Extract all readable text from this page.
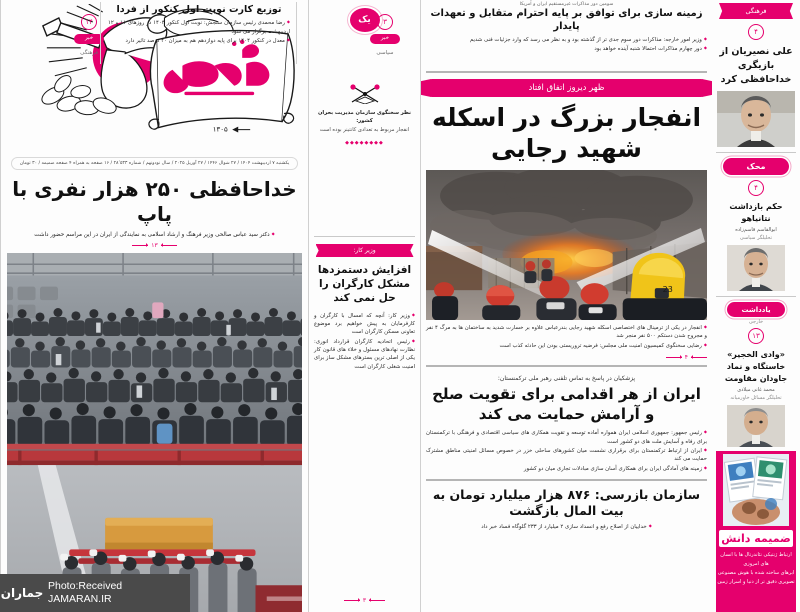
۱۳۰۵
یکشنبه ۷ اردیبهشت ۱۴۰۴ / ۲۷ شوال ۱۴۴۶ / ۲۷ آوریل ۲۰۲۵ / سال نودونهم / شماره ۲۸٬۵۳۳ / ۱۶ صفحه به همراه ۴ صفحه ضمیمه / ۳۰ تومان
خداحافظی ۲۵۰ هزار نفری با پاپ
◆ دکتر سید عباس صالحی وزیر فرهنگ و ارشاد اسلامی به نمایندگی از ایران در این مراسم حضور داشت
۱۳
یک
نظر سخنگوی سازمان مدیریت بحران کشور:
انفجار مربوط به تعدادی کانتینر بوده است
◆◆◆◆◆◆◆◆
وزیر کار:
افزایش دستمزدها مشکل کارگران را حل نمی کند

◆ وزیر کار: آنچه که امسال با کارگران و کارفرمایان به پیش خواهیم برد موضوع تعاونی مسکن کارگران است

◆ رئیس اتحادیه کارگران قرارداد انوری: نظارت نهادهای مسئول و خلاء های قانون کار یکی از اصلی ترین بسترهای مشکل ساز برای امنیت شغلی کارگران است

۳
سومین دور مذاکرات غیرمستقیم ایران و آمریکا
زمینه سازی برای توافق بر پایه احترام متقابل و تعهدات پایدار

◆ وزیر امور خارجه: مذاکرات دور سوم جدی تر از گذشته بود و به نظر می رسد که وارد جزئیات فنی شدیم

◆ دور چهارم مذاکرات احتمالا شنبه آینده خواهد بود

ظهر دیروز اتفاق افتاد
انفجار بزرگ در اسکله شهید رجایی
23

◆ انفجار در یکی از ترمینال های اختصاصی اسکله شهید رجایی بندرعباس علاوه بر خسارت شدید به ساختمان ها به مرگ ۴ نفر و مجروح شدن دستکم ۵۰۰ نفر منجر شد

◆ رضایی سخنگوی کمیسیون امنیت ملی مجلس: فرضیه تروریستی بودن این حادثه کذب است

۴
پزشکیان در پاسخ به تماس تلفنی رهبر ملی ترکمنستان:
ایران از هر اقدامی برای تقویت صلح و آرامش حمایت می کند

◆ رئیس جمهور: جمهوری اسلامی ایران همواره آماده توسعه و تقویت همکاری های سیاسی اقتصادی و فرهنگی با ترکمنستان برای رفاه و آسایش ملت های دو کشور است

◆ ایران از ارتباط ترکمنستان برای برقراری نشست میان کشورهای ساحلی خزر در خصوص مسائل امنیتی مناطق مشترک حمایت می کند

◆ زمینه های آمادگی ایران برای همکاری آسان سازی مبادلات تجاری میان دو کشور

سازمان بازرسی: ۸۷۶ هزار میلیارد تومان به بیت المال بازگشت

◆ خداییان از اصلاح رفع و انسداد سازی ۲ میلیارد از ۲۳۳ گلوگاه فساد خبر داد

فرهنگی
۴
علی نصیریان از بازیگری خداحافظی کرد
محک
۴
حکم بازداشت نتانیاهو
ابوالقاسم قاسم‌زاده
تحلیلگر سیاسی
یادداشت
خارجی
۱۳
«وادی الخجیر» خاستگاه و نماد جاودان مقاومت
محمد غانی میلادی
تحلیلگر مسائل خاورمیانه
ضمیمه دانش
ارتباط ژنتیکی نئاندرتال ها با انسان های امروزی
ابرهای ساخته شده با هوش مصنوعی
تصویری دقیق تر از دنیا و اسرار زمین
۳
خبر
سیاسی
توزیع کارت نوبت اول کنکور از فردا

◆ رضا محمدی رئیس سازمان سنجش: نوبت اول کنکور ۱۴۰۴ در روزهای ۱۱ و ۱۲ اردیبهشت برگزار می شود

◆ معدل در کنکور ۱۴۰۴ برای پایه دوازدهم هم به میزان ۴۰ درصد تاثیر دارد

۱۴
خبر
فرهنگی
جماران
Photo:Received
JAMARAN.IR
